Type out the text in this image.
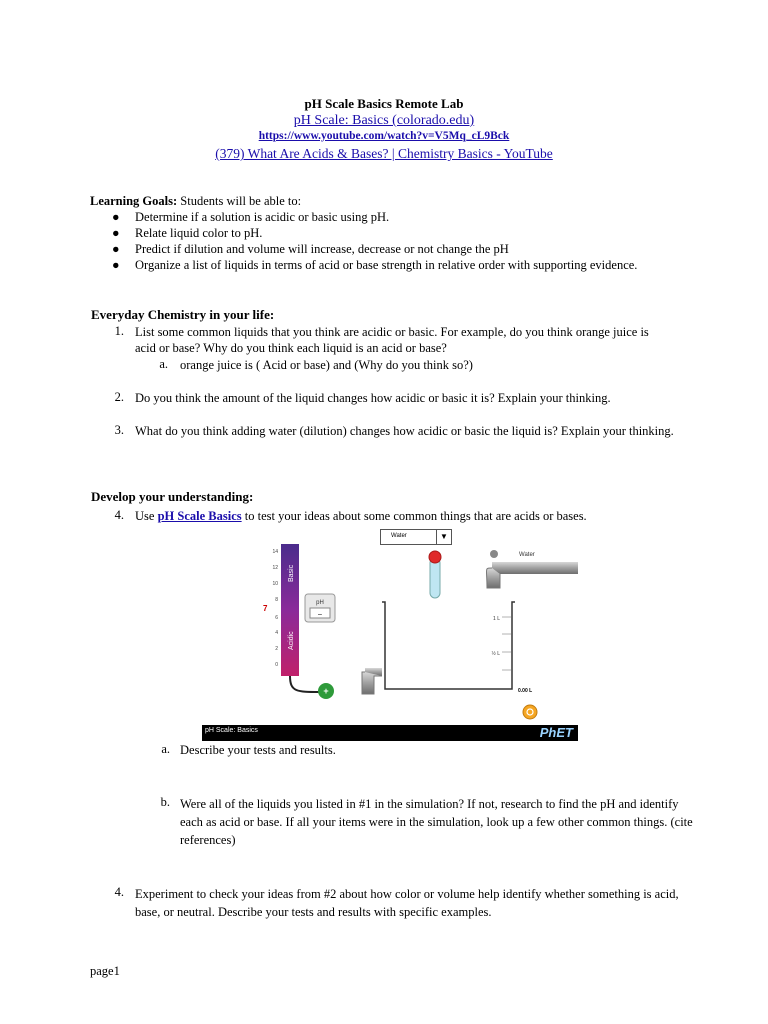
pH Scale Basics Remote Lab
pH Scale: Basics (colorado.edu)
https://www.youtube.com/watch?v=V5Mq_cL9Bck
(379) What Are Acids & Bases? | Chemistry Basics - YouTube
Learning Goals: Students will be able to:
● Determine if a solution is acidic or basic using pH.
● Relate liquid color to pH.
● Predict if dilution and volume will increase, decrease or not change the pH
● Organize a list of liquids in terms of acid or base strength in relative order with supporting evidence.
Everyday Chemistry in your life:
1. List some common liquids that you think are acidic or basic. For example, do you think orange juice is acid or base? Why do you think each liquid is an acid or base?
a. orange juice is ( Acid or base) and (Why do you think so?)
2. Do you think the amount of the liquid changes how acidic or basic it is? Explain your thinking.
3. What do you think adding water (dilution) changes how acidic or basic the liquid is? Explain your thinking.
Develop your understanding:
4. Use pH Scale Basics to test your ideas about some common things that are acids or bases.
Water	▼
Basic
Acidic
14
12
10
8
6
4
2
0
7
pH
–
+
Water
1 L
½ L
0.00 L
pH Scale: Basics	PhET
a. Describe your tests and results.
b. Were all of the liquids you listed in #1 in the simulation? If not, research to find the pH and identify each as acid or base. If all your items were in the simulation, look up a few other common things. (cite references)
4. Experiment to check your ideas from #2 about how color or volume help identify whether something is acid, base, or neutral. Describe your tests and results with specific examples.
page1
